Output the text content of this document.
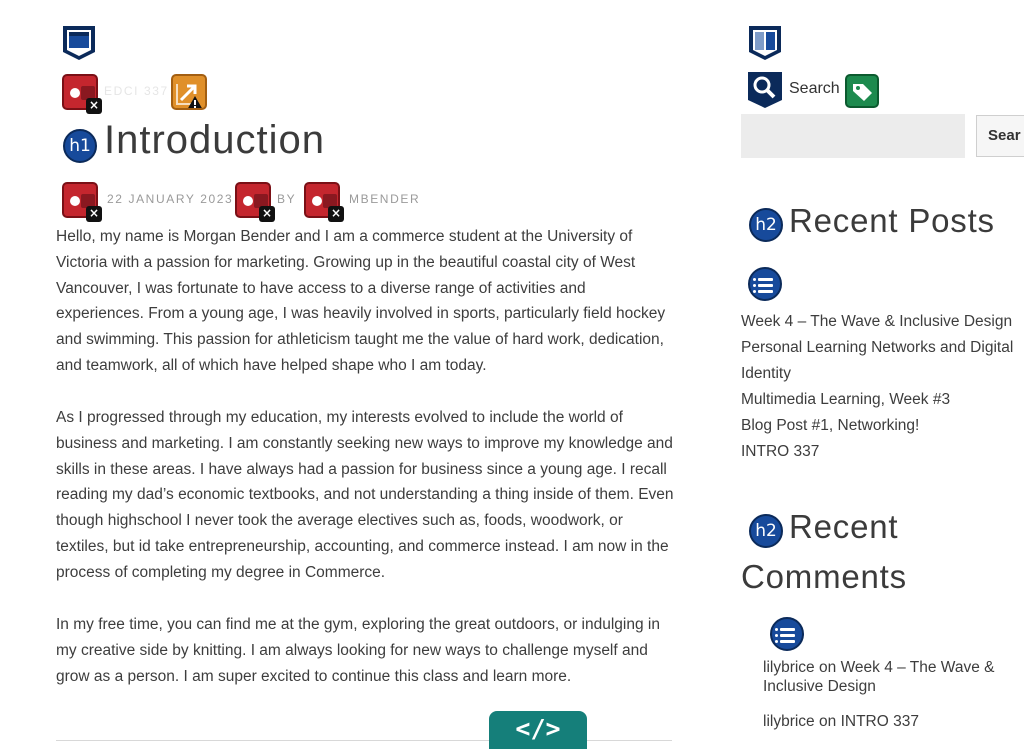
×
EDCI 337
h1 Introduction
×
22 JANUARY 2023
×
BY
×
MBENDER
Hello, my name is Morgan Bender and I am a commerce student at the University of Victoria with a passion for marketing. Growing up in the beautiful coastal city of West Vancouver, I was fortunate to have access to a diverse range of activities and experiences. From a young age, I was heavily involved in sports, particularly field hockey and swimming. This passion for athleticism taught me the value of hard work, dedication, and teamwork, all of which have helped shape who I am today.
As I progressed through my education, my interests evolved to include the world of business and marketing. I am constantly seeking new ways to improve my knowledge and skills in these areas. I have always had a passion for business since a young age. I recall reading my dad’s economic textbooks, and not understanding a thing inside of them. Even though highschool I never took the average electives such as, foods, woodwork, or textiles, but id take entrepreneurship, accounting, and commerce instead. I am now in the process of completing my degree in Commerce.
In my free time, you can find me at the gym, exploring the great outdoors, or indulging in my creative side by knitting. I am always looking for new ways to challenge myself and grow as a person. I am super excited to continue this class and learn more.
</>
Search
Sear
h2 Recent Posts
Week 4 – The Wave & Inclusive Design
Personal Learning Networks and Digital
Identity
Multimedia Learning, Week #3
Blog Post #1, Networking!
INTRO 337
h2 Recent
Comments
lilybrice on Week 4 – The Wave &
Inclusive Design
lilybrice on INTRO 337
